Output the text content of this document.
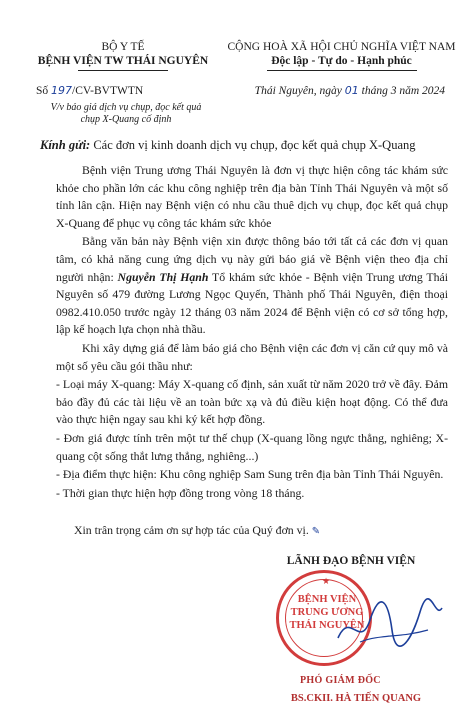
BỘ Y TẾ
BỆNH VIỆN TW THÁI NGUYÊN
CỘNG HOÀ XÃ HỘI CHỦ NGHĨA VIỆT NAM
Độc lập - Tự do - Hạnh phúc
Số 197/CV-BVTWTN
V/v báo giá dịch vụ chụp, đọc kết quả
chụp X-Quang cố định
Thái Nguyên, ngày 01 tháng 3 năm 2024
Kính gửi: Các đơn vị kinh doanh dịch vụ chụp, đọc kết quả chụp X-Quang

Bệnh viện Trung ương Thái Nguyên là đơn vị thực hiện công tác khám sức khỏe cho phần lớn các khu công nghiệp trên địa bàn Tỉnh Thái Nguyên và một số tỉnh lân cận. Hiện nay Bệnh viện có nhu cầu thuê dịch vụ chụp, đọc kết quả chụp X-Quang để phục vụ công tác khám sức khỏe

Bằng văn bản này Bệnh viện xin được thông báo tới tất cả các đơn vị quan tâm, có khả năng cung ứng dịch vụ này gửi báo giá về Bệnh viện theo địa chỉ người nhận: Nguyễn Thị Hạnh Tổ khám sức khỏe - Bệnh viện Trung ương Thái Nguyên số 479 đường Lương Ngọc Quyến, Thành phố Thái Nguyên, điện thoại 0982.410.050 trước ngày 12 tháng 03 năm 2024 để Bệnh viện có cơ sở tổng hợp, lập kế hoạch lựa chọn nhà thầu.

Khi xây dựng giá để làm báo giá cho Bệnh viện các đơn vị căn cứ quy mô và một số yêu cầu gói thầu như:

- Loại máy X-quang: Máy X-quang cố định, sản xuất từ năm 2020 trở về đây. Đảm bảo đầy đủ các tài liệu về an toàn bức xạ và đủ điều kiện hoạt động. Có thể đưa vào thực hiện ngay sau khi ký kết hợp đồng.

- Đơn giá được tính trên một tư thế chụp (X-quang lồng ngực thẳng, nghiêng; X-quang cột sống thắt lưng thẳng, nghiêng...)

- Địa điểm thực hiện: Khu công nghiệp Sam Sung trên địa bàn Tỉnh Thái Nguyên.

- Thời gian thực hiện hợp đồng trong vòng 18 tháng.

Xin trân trọng cảm ơn sự hợp tác của Quý đơn vị. ✎
LÃNH ĐẠO BỆNH VIỆN
★
BỆNH VIỆN
TRUNG ƯƠNG
THÁI NGUYÊN
PHÓ GIÁM ĐỐC
BS.CKII. HÀ TIẾN QUANG
